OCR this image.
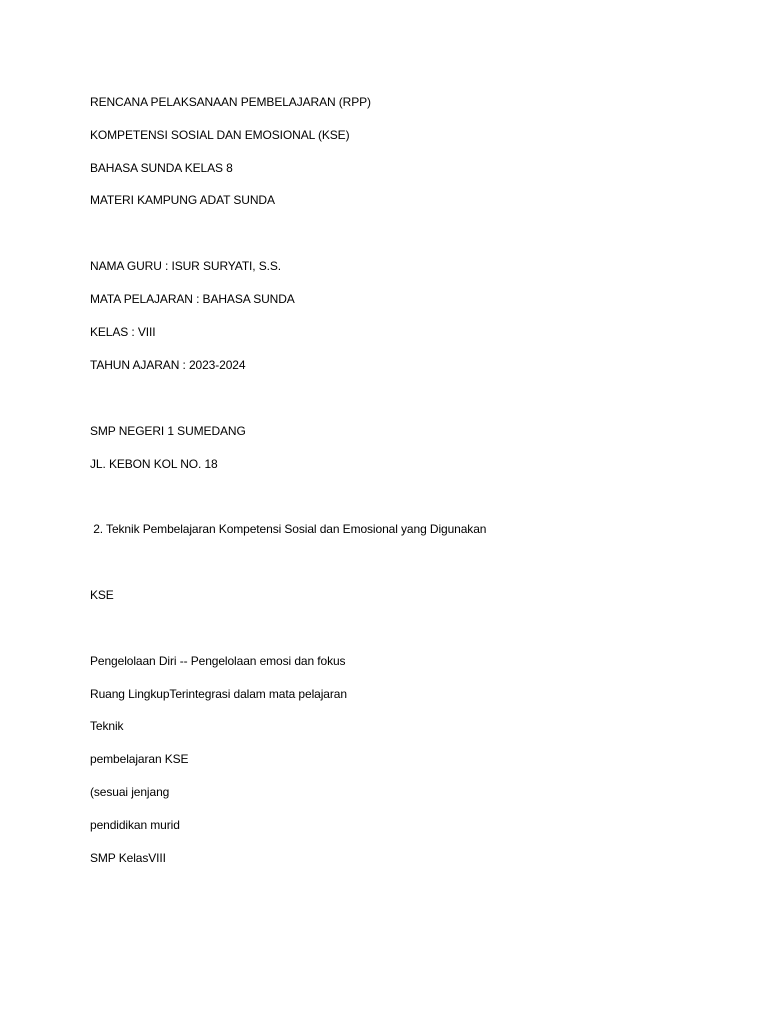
RENCANA PELAKSANAAN PEMBELAJARAN (RPP)
KOMPETENSI SOSIAL DAN EMOSIONAL (KSE)
BAHASA SUNDA KELAS 8
MATERI KAMPUNG ADAT SUNDA
NAMA GURU : ISUR SURYATI, S.S.
MATA PELAJARAN : BAHASA SUNDA
KELAS : VIII
TAHUN AJARAN : 2023-2024
SMP NEGERI 1 SUMEDANG
JL. KEBON KOL NO. 18
2. Teknik Pembelajaran Kompetensi Sosial dan Emosional yang Digunakan
KSE
Pengelolaan Diri -- Pengelolaan emosi dan fokus
Ruang LingkupTerintegrasi dalam mata pelajaran
Teknik
pembelajaran KSE
(sesuai jenjang
pendidikan murid
SMP KelasVIII
